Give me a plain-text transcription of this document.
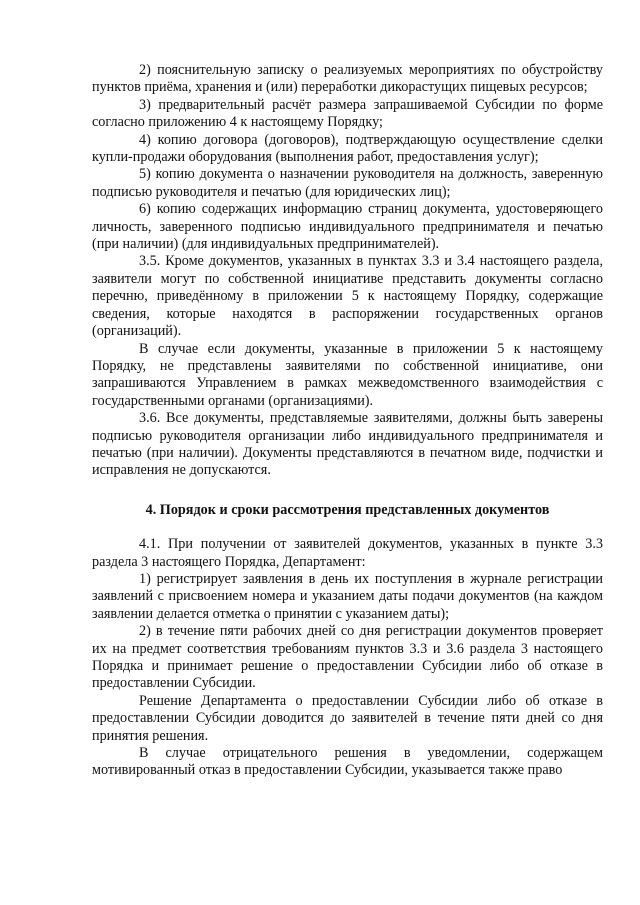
2) пояснительную записку о реализуемых мероприятиях по обустройству пунктов приёма, хранения и (или) переработки дикорастущих пищевых ресурсов;

3) предварительный расчёт размера запрашиваемой Субсидии по форме согласно приложению 4 к настоящему Порядку;

4) копию договора (договоров), подтверждающую осуществление сделки купли-продажи оборудования (выполнения работ, предоставления услуг);

5) копию документа о назначении руководителя на должность, заверенную подписью руководителя и печатью (для юридических лиц);

6) копию содержащих информацию страниц документа, удостоверяющего личность, заверенного подписью индивидуального предпринимателя и печатью (при наличии) (для индивидуальных предпринимателей).

3.5. Кроме документов, указанных в пунктах 3.3 и 3.4 настоящего раздела, заявители могут по собственной инициативе представить документы согласно перечню, приведённому в приложении 5 к настоящему Порядку, содержащие сведения, которые находятся в распоряжении государственных органов (организаций).

В случае если документы, указанные в приложении 5 к настоящему Порядку, не представлены заявителями по собственной инициативе, они запрашиваются Управлением в рамках межведомственного взаимодействия с государственными органами (организациями).

3.6. Все документы, представляемые заявителями, должны быть заверены подписью руководителя организации либо индивидуального предпринимателя и печатью (при наличии). Документы представляются в печатном виде, подчистки и исправления не допускаются.

4. Порядок и сроки рассмотрения представленных документов

4.1. При получении от заявителей документов, указанных в пункте 3.3 раздела 3 настоящего Порядка, Департамент:

1) регистрирует заявления в день их поступления в журнале регистрации заявлений с присвоением номера и указанием даты подачи документов (на каждом заявлении делается отметка о принятии с указанием даты);

2) в течение пяти рабочих дней со дня регистрации документов проверяет их на предмет соответствия требованиям пунктов 3.3 и 3.6 раздела 3 настоящего Порядка и принимает решение о предоставлении Субсидии либо об отказе в предоставлении Субсидии.

Решение Департамента о предоставлении Субсидии либо об отказе в предоставлении Субсидии доводится до заявителей в течение пяти дней со дня принятия решения.

В случае отрицательного решения в уведомлении, содержащем мотивированный отказ в предоставлении Субсидии, указывается также право
